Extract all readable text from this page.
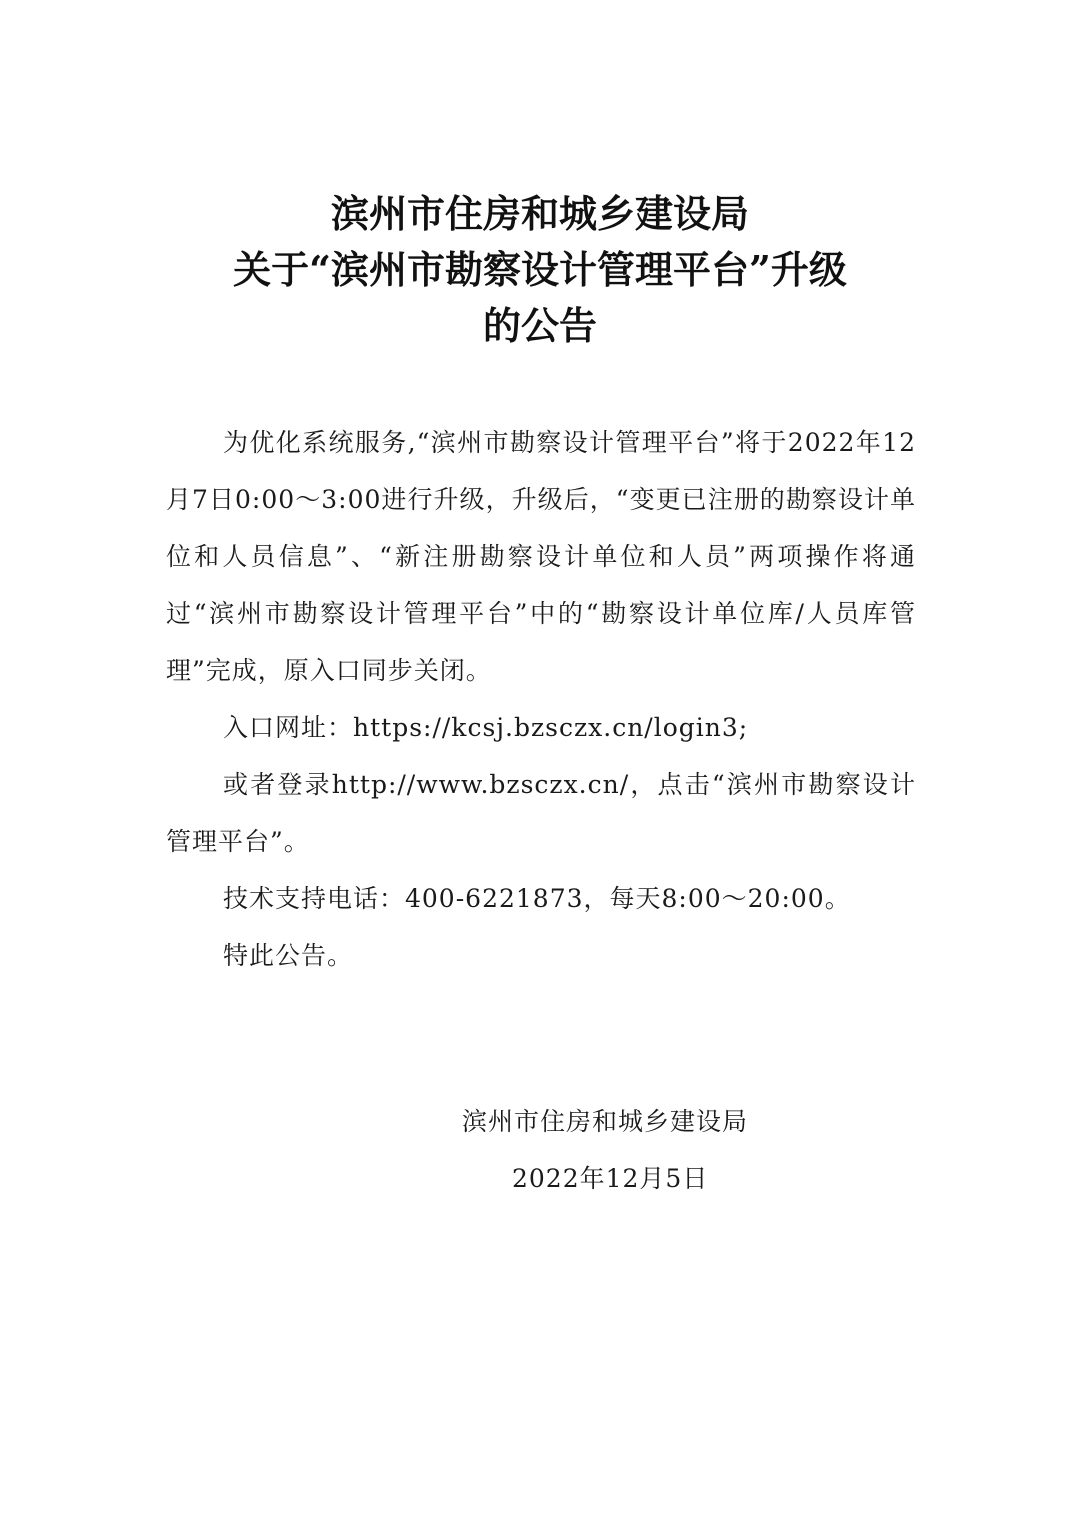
滨州市住房和城乡建设局
关于“滨州市勘察设计管理平台”升级
的公告

为优化系统服务,“滨州市勘察设计管理平台”将于2022年12月7日0:00～3:00进行升级，升级后，“变更已注册的勘察设计单位和人员信息”、“新注册勘察设计单位和人员”两项操作将通过“滨州市勘察设计管理平台”中的“勘察设计单位库/人员库管理”完成，原入口同步关闭。

入口网址：https://kcsj.bzsczx.cn/login3;

或者登录http://www.bzsczx.cn/，点击“滨州市勘察设计管理平台”。

技术支持电话：400-6221873，每天8:00～20:00。

特此公告。

滨州市住房和城乡建设局
2022年12月5日
